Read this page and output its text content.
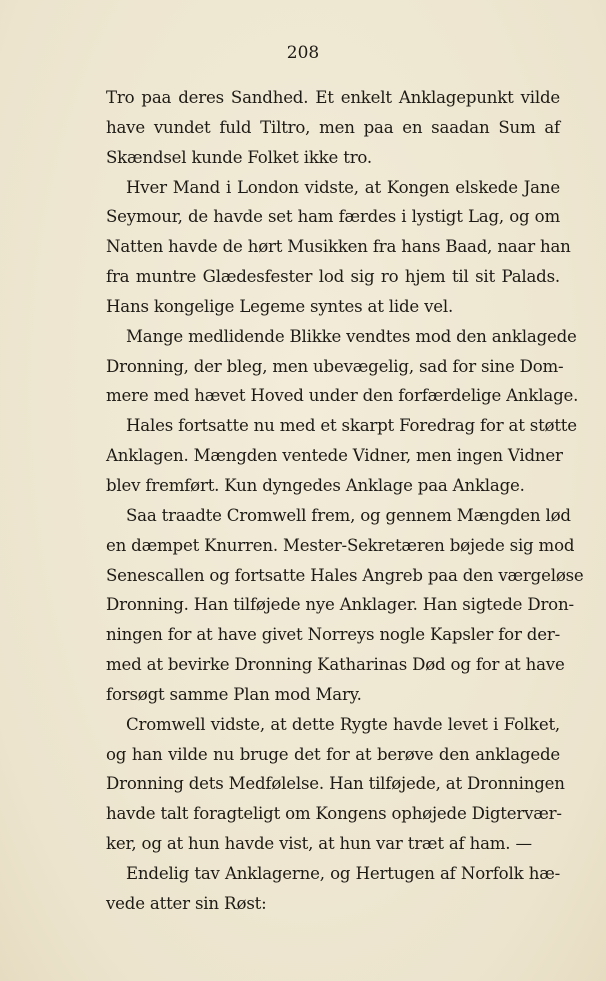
208
Tro paa deres Sandhed. Et enkelt Anklagepunkt vilde
have vundet fuld Tiltro, men paa en saadan Sum af
Skændsel kunde Folket ikke tro.
Hver Mand i London vidste, at Kongen elskede Jane
Seymour, de havde set ham færdes i lystigt Lag, og om
Natten havde de hørt Musikken fra hans Baad, naar han
fra muntre Glædesfester lod sig ro hjem til sit Palads.
Hans kongelige Legeme syntes at lide vel.
Mange medlidende Blikke vendtes mod den anklagede
Dronning, der bleg, men ubevægelig, sad for sine Dom-
mere med hævet Hoved under den forfærdelige Anklage.
Hales fortsatte nu med et skarpt Foredrag for at støtte
Anklagen. Mængden ventede Vidner, men ingen Vidner
blev fremført. Kun dyngedes Anklage paa Anklage.
Saa traadte Cromwell frem, og gennem Mængden lød
en dæmpet Knurren. Mester-Sekretæren bøjede sig mod
Senescallen og fortsatte Hales Angreb paa den værgeløse
Dronning. Han tilføjede nye Anklager. Han sigtede Dron-
ningen for at have givet Norreys nogle Kapsler for der-
med at bevirke Dronning Katharinas Død og for at have
forsøgt samme Plan mod Mary.
Cromwell vidste, at dette Rygte havde levet i Folket,
og han vilde nu bruge det for at berøve den anklagede
Dronning dets Medfølelse. Han tilføjede, at Dronningen
havde talt foragteligt om Kongens ophøjede Digtervær-
ker, og at hun havde vist, at hun var træt af ham. —
Endelig tav Anklagerne, og Hertugen af Norfolk hæ-
vede atter sin Røst:
